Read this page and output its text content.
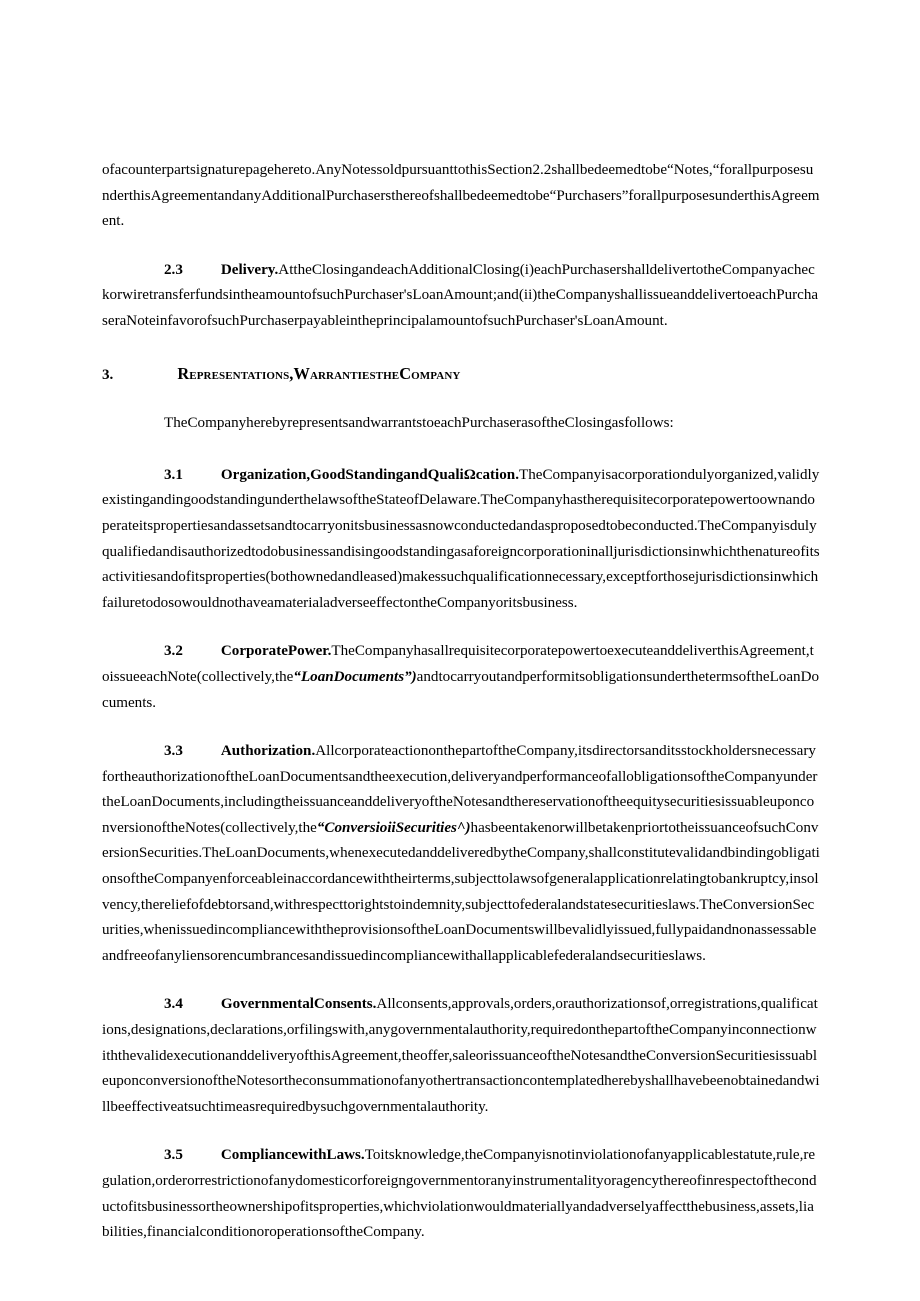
ofacounterpartsignaturepagehereto.AnyNotessoldpursuanttothisSection2.2shallbedeemedtobe“Notes,“forallpurposesunderthisAgreementandanyAdditionalPurchasersthereofshallbedeemedtobe“Purchasers”forallpurposesunderthisAgreement.

2.3	Delivery.AttheClosingandeachAdditionalClosing(i)eachPurchasershalldelivertotheCompanyacheckorwiretransferfundsintheamountofsuchPurchaser'sLoanAmount;and(ii)theCompanyshallissueanddelivertoeachPurchaseraNoteinfavorofsuchPurchaserpayableintheprincipalamountofsuchPurchaser'sLoanAmount.

3.	Representations,WarrantiestheCompany

TheCompanyherebyrepresentsandwarrantstoeachPurchaserasoftheClosingasfollows:

3.1	Organization,GoodStandingandQualiΩcation.TheCompanyisacorporationdulyorganized,validlyexistingandingoodstandingunderthelawsoftheStateofDelaware.TheCompanyhastherequisitecorporatepowertoownandoperateitspropertiesandassetsandtocarryonitsbusinessasnowconductedandasproposedtobeconducted.TheCompanyisdulyqualifiedandisauthorizedtodobusinessandisingoodstandingasaforeigncorporationinalljurisdictionsinwhichthenatureofitsactivitiesandofitsproperties(bothownedandleased)makessuchqualificationnecessary,exceptforthosejurisdictionsinwhichfailuretodosowouldnothaveamaterialadverseeffectontheCompanyoritsbusiness.

3.2	CorporatePower.TheCompanyhasallrequisitecorporatepowertoexecuteanddeliverthisAgreement,toissueeachNote(collectively,the“LoanDocuments”)andtocarryoutandperformitsobligationsunderthetermsoftheLoanDocuments.

3.3	Authorization.AllcorporateactiononthepartoftheCompany,itsdirectorsanditsstockholdersnecessaryfortheauthorizationoftheLoanDocumentsandtheexecution,deliveryandperformanceofallobligationsoftheCompanyundertheLoanDocuments,includingtheissuanceanddeliveryoftheNotesandthereservationoftheequitysecuritiesissuableuponconversionoftheNotes(collectively,the“ConversioiiSecurities^)hasbeentakenorwillbetakenpriortotheissuanceofsuchConversionSecurities.TheLoanDocuments,whenexecutedanddeliveredbytheCompany,shallconstitutevalidandbindingobligationsoftheCompanyenforceableinaccordancewiththeirterms,subjecttolawsofgeneralapplicationrelatingtobankruptcy,insolvency,thereliefofdebtorsand,withrespecttorightstoindemnity,subjecttofederalandstatesecuritieslaws.TheConversionSecurities,whenissuedincompliancewiththeprovisionsoftheLoanDocumentswillbevalidlyissued,fullypaidandnonassessableandfreeofanyliensorencumbrancesandissuedincompliancewithallapplicablefederalandsecuritieslaws.

3.4	GovernmentalConsents.Allconsents,approvals,orders,orauthorizationsof,orregistrations,qualifications,designations,declarations,orfilingswith,anygovernmentalauthority,requiredonthepartoftheCompanyinconnectionwiththevalidexecutionanddeliveryofthisAgreement,theoffer,saleorissuanceoftheNotesandtheConversionSecuritiesissuableuponconversionoftheNotesortheconsummationofanyothertransactioncontemplatedherebyshallhavebeenobtainedandwillbeeffectiveatsuchtimeasrequiredbysuchgovernmentalauthority.

3.5	CompliancewithLaws.Toitsknowledge,theCompanyisnotinviolationofanyapplicablestatute,rule,regulation,orderorrestrictionofanydomesticorforeigngovernmentoranyinstrumentalityoragencythereofinrespectoftheconductofitsbusinessortheownershipofitsproperties,whichviolationwouldmateriallyandadverselyaffectthebusiness,assets,liabilities,financialconditionoroperationsoftheCompany.
